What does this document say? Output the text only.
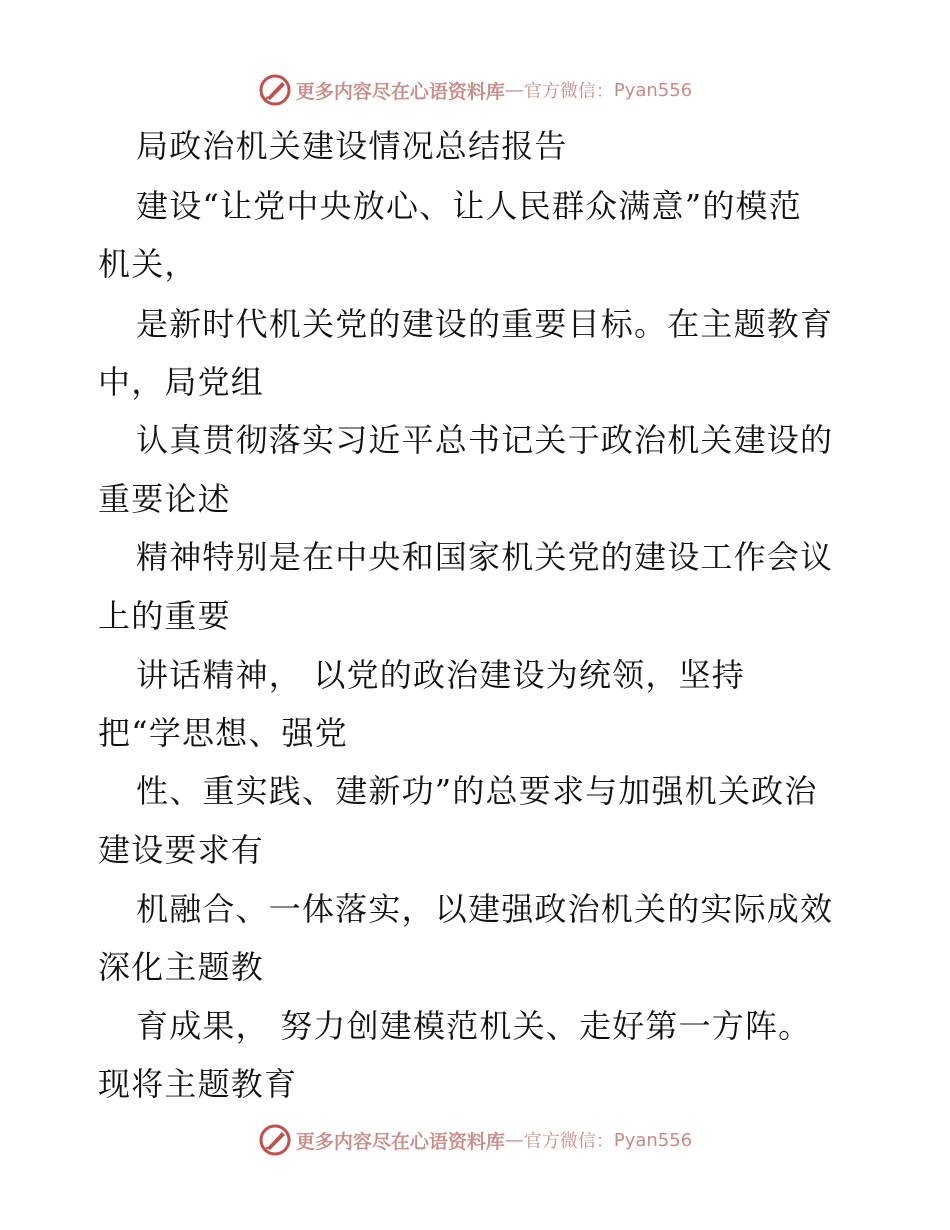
更多内容尽在心语资料库 — 官方微信： Pyan556
局政治机关建设情况总结报告
建设“让党中央放心、让人民群众满意”的模范
机关，
是新时代机关党的建设的重要目标。在主题教育
中，局党组
认真贯彻落实习近平总书记关于政治机关建设的
重要论述
精神特别是在中央和国家机关党的建设工作会议
上的重要
讲话精神， 以党的政治建设为统领，坚持
把“学思想、强党
性、重实践、建新功”的总要求与加强机关政治
建设要求有
机融合、一体落实，以建强政治机关的实际成效
深化主题教
育成果， 努力创建模范机关、走好第一方阵。
现将主题教育
更多内容尽在心语资料库 — 官方微信： Pyan556
